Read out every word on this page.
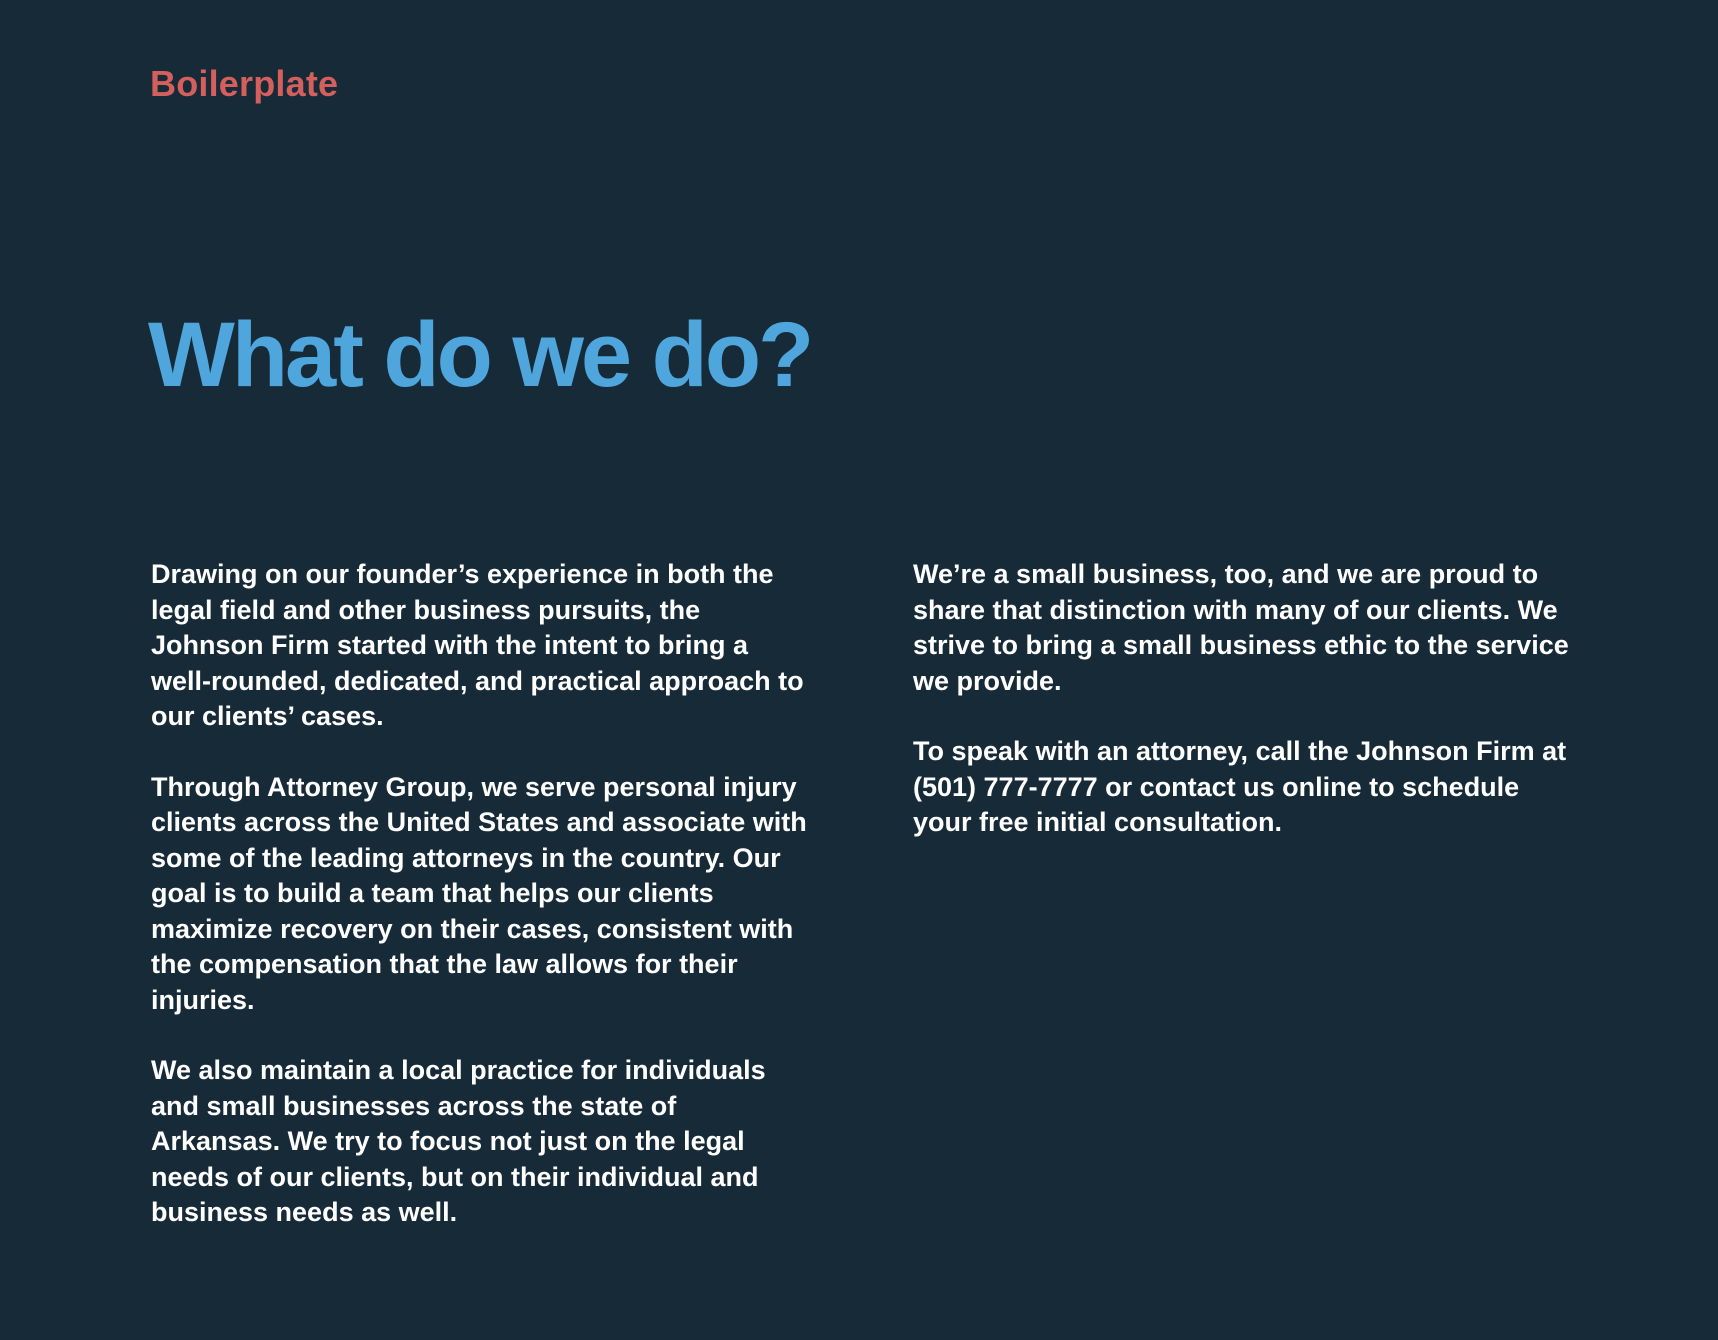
Boilerplate
What do we do?

Drawing on our founder’s experience in both the legal field and other business pursuits, the Johnson Firm started with the intent to bring a well-rounded, dedicated, and practical approach to our clients’ cases.

Through Attorney Group, we serve personal injury clients across the United States and associate with some of the leading attorneys in the country. Our goal is to build a team that helps our clients maximize recovery on their cases, consistent with the compensation that the law allows for their injuries.

We also maintain a local practice for individuals and small businesses across the state of Arkansas. We try to focus not just on the legal needs of our clients, but on their individual and business needs as well.

We’re a small business, too, and we are proud to share that distinction with many of our clients. We strive to bring a small business ethic to the service we provide.

To speak with an attorney, call the Johnson Firm at (501) 777-7777 or contact us online to schedule your free initial consultation.
